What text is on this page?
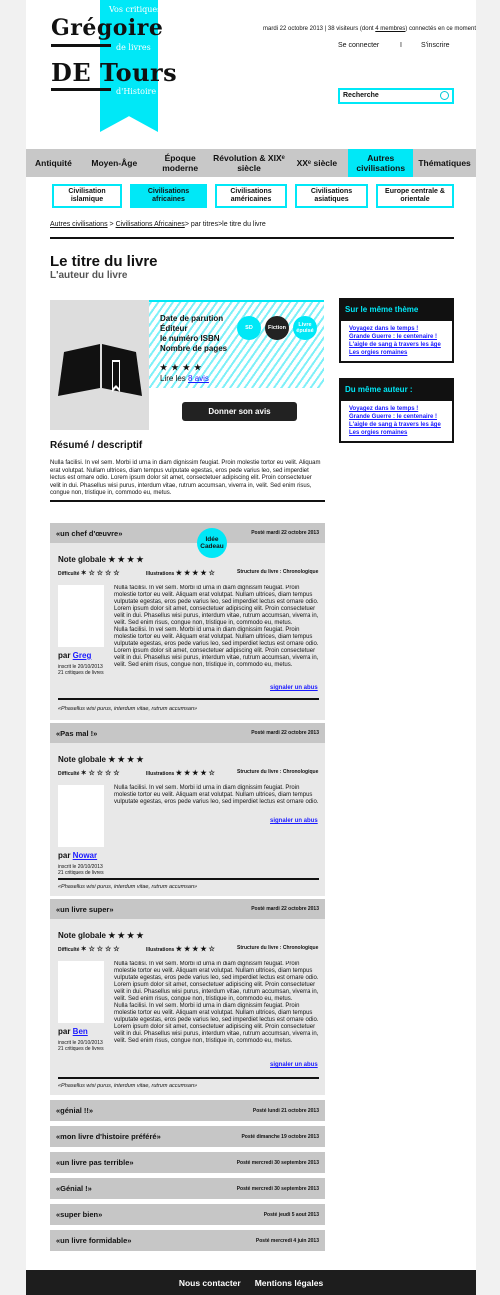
Vos critiques
Grégoire
de livres
DE Tours
d'Histoire
mardi 22 octobre 2013 | 38 visiteurs (dont 4 membres) connectés en ce moment
Se connecter	I	S'inscrire
Recherche
Antiquité	Moyen-Âge	Époque moderne
Révolution & XIXᵉ siècle	XXᵉ siècle	Autres civilisations	Thématiques
Civilisation islamique
Civilisations africaines
Civilisations américaines
Civilisations asiatiques
Europe centrale & orientale
Autres civilisations > Civilisations Africaines> par titres>le titre du livre
Le titre du livre
L'auteur du livre
Date de parution
Éditeur
le numéro ISBN
Nombre de pages
SD	Fiction	Livre épuisé
★ ★ ★ ★
Lire les 8 avis
Donner son avis
Sur le même thème
Voyagez dans le temps !
Grande Guerre : le centenaire !
L'aigle de sang à travers les âge
Les orgies romaines
Du même auteur :
Voyagez dans le temps !
Grande Guerre : le centenaire !
L'aigle de sang à travers les âge
Les orgies romaines
Résumé / descriptif
Nulla facilisi. In vel sem. Morbi id urna in diam dignissim feugiat. Proin molestie tortor eu velit. Aliquam erat volutpat. Nullam ultrices, diam tempus vulputate egestas, eros pede varius leo, sed imperdiet lectus est ornare odio. Lorem ipsum dolor sit amet, consectetuer adipiscing elit. Proin consectetuer velit in dui. Phasellus wisi purus, interdum vitae, rutrum accumsan, viverra in, velit. Sed enim risus, congue non, tristique in, commodo eu, metus.
«un chef d'œuvre»	Posté mardi 22 octobre 2013
Note globale ★ ★ ★ ★
Difficulté ✶ ☆ ☆ ☆ ☆	Illustrations ★ ★ ★ ★ ☆	Structure du livre : Chronologique
Nulla facilisi. In vel sem. Morbi id urna in diam dignissim feugiat. Proin molestie tortor eu velit. Aliquam erat volutpat. Nullam ultrices, diam tempus vulputate egestas, eros pede varius leo, sed imperdiet lectus est ornare odio. Lorem ipsum dolor sit amet, consectetuer adipiscing elit. Proin consectetuer velit in dui. Phasellus wisi purus, interdum vitae, rutrum accumsan, viverra in, velit. Sed enim risus, congue non, tristique in, commodo eu, metus.
Nulla facilisi. In vel sem. Morbi id urna in diam dignissim feugiat. Proin molestie tortor eu velit. Aliquam erat volutpat. Nullam ultrices, diam tempus vulputate egestas, eros pede varius leo, sed imperdiet lectus est ornare odio. Lorem ipsum dolor sit amet, consectetuer adipiscing elit. Proin consectetuer velit in dui. Phasellus wisi purus, interdum vitae, rutrum accumsan, viverra in, velit. Sed enim risus, congue non, tristique in, commodo eu, metus.
par Greg
inscrit le 20/10/2013
21 critiques de livres
signaler un abus
«Phasellus wisi purus, interdum vitae, rutrum accumsan»
Idée Cadeau
«Pas mal !»	Posté mardi 22 octobre 2013
Note globale ★ ★ ★ ★
Difficulté ✶ ☆ ☆ ☆ ☆	Illustrations ★ ★ ★ ★ ☆	Structure du livre : Chronologique
Nulla facilisi. In vel sem. Morbi id urna in diam dignissim feugiat. Proin molestie tortor eu velit. Aliquam erat volutpat. Nullam ultrices, diam tempus vulputate egestas, eros pede varius leo, sed imperdiet lectus est ornare odio.
par Nowar
inscrit le 20/10/2013
21 critiques de livres
signaler un abus
«Phasellus wisi purus, interdum vitae, rutrum accumsan»
«un livre super»	Posté mardi 22 octobre 2013
Note globale ★ ★ ★ ★
Difficulté ✶ ☆ ☆ ☆ ☆	Illustrations ★ ★ ★ ★ ☆	Structure du livre : Chronologique
Nulla facilisi. In vel sem. Morbi id urna in diam dignissim feugiat. Proin molestie tortor eu velit. Aliquam erat volutpat. Nullam ultrices, diam tempus vulputate egestas, eros pede varius leo, sed imperdiet lectus est ornare odio. Lorem ipsum dolor sit amet, consectetuer adipiscing elit. Proin consectetuer velit in dui. Phasellus wisi purus, interdum vitae, rutrum accumsan, viverra in, velit. Sed enim risus, congue non, tristique in, commodo eu, metus.
Nulla facilisi. In vel sem. Morbi id urna in diam dignissim feugiat. Proin molestie tortor eu velit. Aliquam erat volutpat. Nullam ultrices, diam tempus vulputate egestas, eros pede varius leo, sed imperdiet lectus est ornare odio. Lorem ipsum dolor sit amet, consectetuer adipiscing elit. Proin consectetuer velit in dui. Phasellus wisi purus, interdum vitae, rutrum accumsan, viverra in, velit. Sed enim risus, congue non, tristique in, commodo eu, metus.
par Ben
inscrit le 20/10/2013
21 critiques de livres
signaler un abus
«Phasellus wisi purus, interdum vitae, rutrum accumsan»
«génial !!»	Posté lundi 21 octobre 2013
«mon livre d'histoire préféré»	Posté dimanche 19 octobre 2013
«un livre pas terrible»	Posté mercredi 30 septembre 2013
«Génial !»	Posté mercredi 30 septembre 2013
«super bien»	Posté jeudi 5 aout 2013
«un livre formidable»	Posté mercredi 4 juin 2013
Nous contacter Mentions légales
